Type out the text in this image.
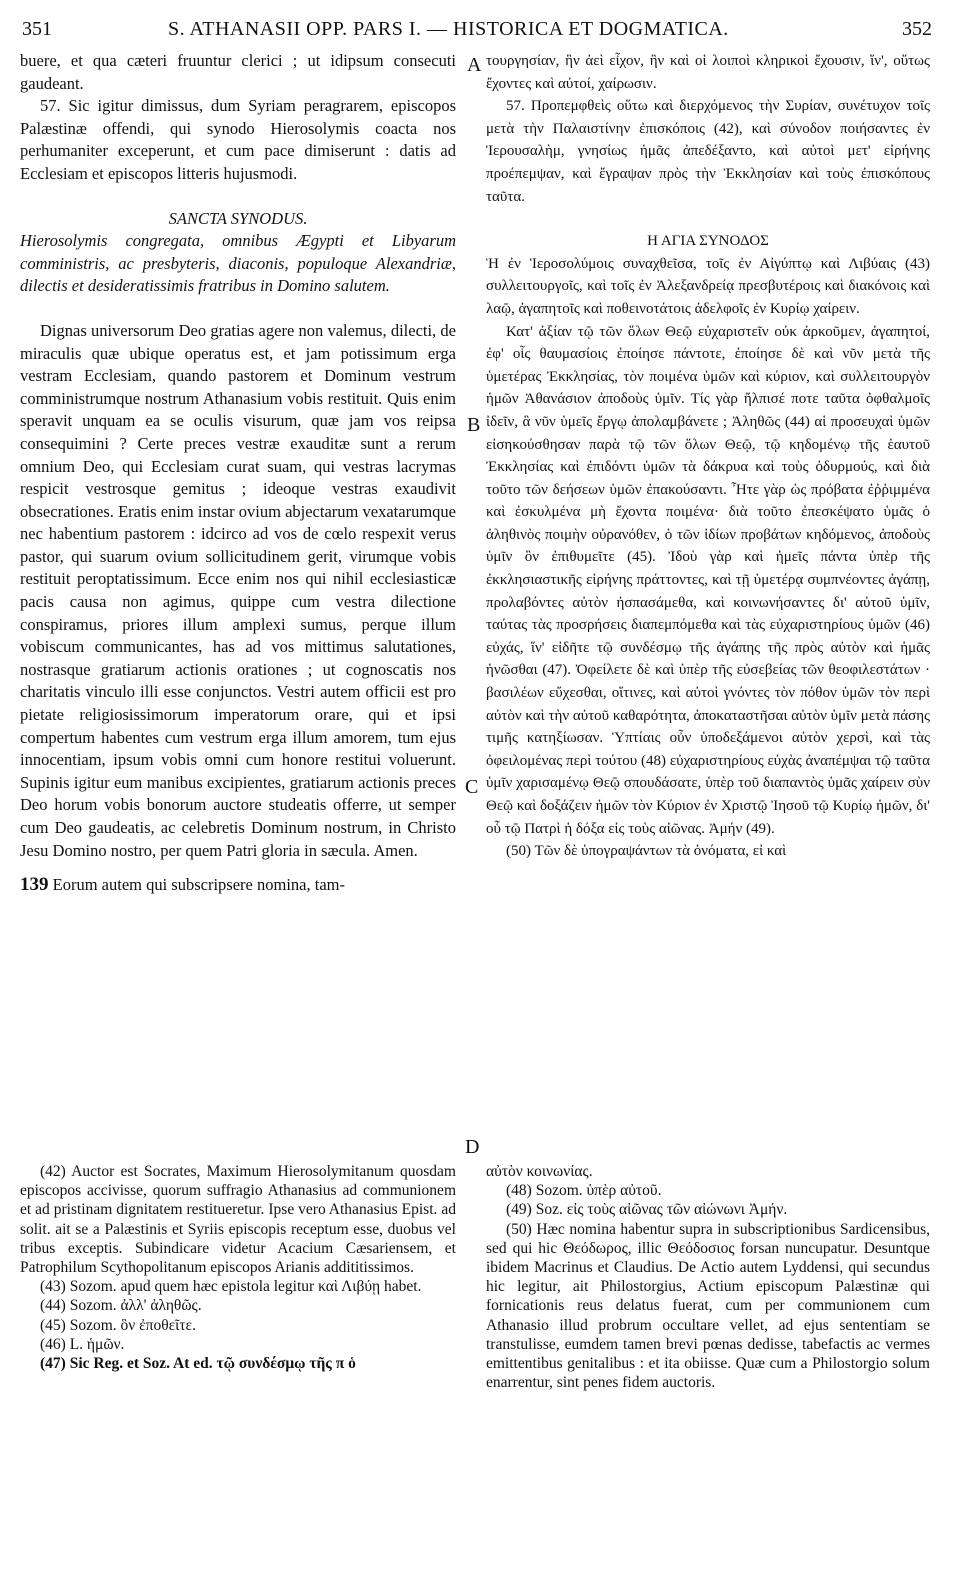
351	S. ATHANASII OPP. PARS I. — HISTORICA ET DOGMATICA.	352
A
B
C
D

buere, et qua cæteri fruuntur clerici ; ut idipsum consecuti gaudeant.

57. Sic igitur dimissus, dum Syriam peragrarem, episcopos Palæstinæ offendi, qui synodo Hierosolymis coacta nos perhumaniter exceperunt, et cum pace dimiserunt : datis ad Ecclesiam et episcopos litteris hujusmodi.

SANCTA SYNODUS.

Hierosolymis congregata, omnibus Ægypti et Libyarum comministris, ac presbyteris, diaconis, populoque Alexandriæ, dilectis et desideratissimis fratribus in Domino salutem.

Dignas universorum Deo gratias agere non valemus, dilecti, de miraculis quæ ubique operatus est, et jam potissimum erga vestram Ecclesiam, quando pastorem et Dominum vestrum comministrumque nostrum Athanasium vobis restituit. Quis enim speravit unquam ea se oculis visurum, quæ jam vos reipsa consequimini ? Certe preces vestræ exauditæ sunt a rerum omnium Deo, qui Ecclesiam curat suam, qui vestras lacrymas respicit vestrosque gemitus ; ideoque vestras exaudivit obsecrationes. Eratis enim instar ovium abjectarum vexatarumque nec habentium pastorem : idcirco ad vos de cœlo respexit verus pastor, qui suarum ovium sollicitudinem gerit, virumque vobis restituit peroptatissimum. Ecce enim nos qui nihil ecclesiasticæ pacis causa non agimus, quippe cum vestra dilectione conspiramus, priores illum amplexi sumus, perque illum vobiscum communicantes, has ad vos mittimus salutationes, nostrasque gratiarum actionis orationes ; ut cognoscatis nos charitatis vinculo illi esse conjunctos. Vestri autem officii est pro pietate religiosissimorum imperatorum orare, qui et ipsi compertum habentes cum vestrum erga illum amorem, tum ejus innocentiam, ipsum vobis omni cum honore restitui voluerunt. Supinis igitur eum manibus excipientes, gratiarum actionis preces Deo horum vobis bonorum auctore studeatis offerre, ut semper cum Deo gaudeatis, ac celebretis Dominum nostrum, in Christo Jesu Domino nostro, per quem Patri gloria in sæcula. Amen.

139 Eorum autem qui subscripsere nomina, tam-

τουργησίαν, ἣν ἀεὶ εἶχον, ἣν καὶ οἱ λοιποὶ κληρικοὶ ἔχουσιν, ἵν', οὕτως ἔχοντες καὶ αὐτοί, χαίρωσιν.

57. Προπεμφθεὶς οὕτω καὶ διερχόμενος τὴν Συρίαν, συνέτυχον τοῖς μετὰ τὴν Παλαιστίνην ἐπισκόποις (42), καὶ σύνοδον ποιήσαντες ἐν Ἱερουσαλὴμ, γνησίως ἡμᾶς ἀπεδέξαντο, καὶ αὐτοὶ μετ' εἰρήνης προέπεμψαν, καὶ ἔγραψαν πρὸς τὴν Ἐκκλησίαν καὶ τοὺς ἐπισκόπους ταῦτα.

Η ΑΓΙΑ ΣΥΝΟΔΟΣ

Ἡ ἐν Ἱεροσολύμοις συναχθεῖσα, τοῖς ἐν Αἰγύπτῳ καὶ Λιβύαις (43) συλλειτουργοῖς, καὶ τοῖς ἐν Ἀλεξανδρείᾳ πρεσβυτέροις καὶ διακόνοις καὶ λαῷ, ἀγαπητοῖς καὶ ποθεινοτάτοις ἀδελφοῖς ἐν Κυρίῳ χαίρειν.

Κατ' ἀξίαν τῷ τῶν ὅλων Θεῷ εὐχαριστεῖν οὐκ ἀρκοῦμεν, ἀγαπητοί, ἐφ' οἷς θαυμασίοις ἐποίησε πάντοτε, ἐποίησε δὲ καὶ νῦν μετὰ τῆς ὑμετέρας Ἐκκλησίας, τὸν ποιμένα ὑμῶν καὶ κύριον, καὶ συλλειτουργὸν ἡμῶν Ἀθανάσιον ἀποδοὺς ὑμῖν. Τίς γὰρ ἤλπισέ ποτε ταῦτα ὀφθαλμοῖς ἰδεῖν, ἃ νῦν ὑμεῖς ἔργῳ ἀπολαμβάνετε ; Ἀληθῶς (44) αἱ προσευχαὶ ὑμῶν εἰσηκούσθησαν παρὰ τῷ τῶν ὅλων Θεῷ, τῷ κηδομένῳ τῆς ἑαυτοῦ Ἐκκλησίας καὶ ἐπιδόντι ὑμῶν τὰ δάκρυα καὶ τοὺς ὀδυρμούς, καὶ διὰ τοῦτο τῶν δεήσεων ὑμῶν ἐπακούσαντι. Ἦτε γὰρ ὡς πρόβατα ἐῤῥιμμένα καὶ ἐσκυλμένα μὴ ἔχοντα ποιμένα· διὰ τοῦτο ἐπεσκέψατο ὑμᾶς ὁ ἀληθινὸς ποιμὴν οὐρανόθεν, ὁ τῶν ἰδίων προβάτων κηδόμενος, ἀποδοὺς ὑμῖν ὃν ἐπιθυμεῖτε (45). Ἰδοὺ γὰρ καὶ ἡμεῖς πάντα ὑπὲρ τῆς ἐκκλησιαστικῆς εἰρήνης πράττοντες, καὶ τῇ ὑμετέρᾳ συμπνέοντες ἀγάπῃ, προλαβόντες αὐτὸν ἠσπασάμεθα, καὶ κοινωνήσαντες δι' αὐτοῦ ὑμῖν, ταύτας τὰς προσρήσεις διαπεμπόμεθα καὶ τὰς εὐχαριστηρίους ὑμῶν (46) εὐχάς, ἵν' εἰδῆτε τῷ συνδέσμῳ τῆς ἀγάπης τῆς πρὸς αὐτὸν καὶ ἡμᾶς ἡνῶσθαι (47). Ὀφείλετε δὲ καὶ ὑπὲρ τῆς εὐσεβείας τῶν θεοφιλεστάτων · βασιλέων εὔχεσθαι, οἵτινες, καὶ αὐτοὶ γνόντες τὸν πόθον ὑμῶν τὸν περὶ αὐτὸν καὶ τὴν αὐτοῦ καθαρότητα, ἀποκαταστῆσαι αὐτὸν ὑμῖν μετὰ πάσης τιμῆς κατηξίωσαν. Ὑπτίαις οὖν ὑποδεξάμενοι αὐτὸν χερσὶ, καὶ τὰς ὀφειλομένας περὶ τούτου (48) εὐχαριστηρίους εὐχὰς ἀναπέμψαι τῷ ταῦτα ὑμῖν χαρισαμένῳ Θεῷ σπουδάσατε, ὑπὲρ τοῦ διαπαντὸς ὑμᾶς χαίρειν σὺν Θεῷ καὶ δοξάζειν ἡμῶν τὸν Κύριον ἐν Χριστῷ Ἰησοῦ τῷ Κυρίῳ ἡμῶν, δι' οὗ τῷ Πατρὶ ἡ δόξα εἰς τοὺς αἰῶνας. Ἀμήν (49).

(50) Τῶν δὲ ὑπογραψάντων τὰ ὀνόματα, εἰ καὶ

(42) Auctor est Socrates, Maximum Hierosolymitanum quosdam episcopos accivisse, quorum suffragio Athanasius ad communionem et ad pristinam dignitatem restitueretur. Ipse vero Athanasius Epist. ad solit. ait se a Palæstinis et Syriis episcopis receptum esse, duobus vel tribus exceptis. Subindicare videtur Acacium Cæsariensem, et Patrophilum Scythopolitanum episcopos Arianis addititissimos.

(43) Sozom. apud quem hæc epistola legitur καὶ Λιβύῃ habet.

(44) Sozom. ἀλλ' ἀληθῶς.

(45) Sozom. ὃν ἐποθεῖτε.

(46) L. ἡμῶν.

(47) Sic Reg. et Soz. At ed. τῷ συνδέσμῳ τῆς π ὁ

αὐτὸν κοινωνίας.

(48) Sozom. ὑπὲρ αὐτοῦ.

(49) Soz. εἰς τοὺς αἰῶνας τῶν αἰώνωνι Ἀμήν.

(50) Hæc nomina habentur supra in subscriptionibus Sardicensibus, sed qui hic Θεόδωρος, illic Θεόδοσιος forsan nuncupatur. Desuntque ibidem Macrinus et Claudius. De Actio autem Lyddensi, qui secundus hic legitur, ait Philostorgius, Actium episcopum Palæstinæ qui fornicationis reus delatus fuerat, cum per communionem cum Athanasio illud probrum occultare vellet, ad ejus sententiam se transtulisse, eumdem tamen brevi pœnas dedisse, tabefactis ac vermes emittentibus genitalibus : et ita obiisse. Quæ cum a Philostorgio solum enarrentur, sint penes fidem auctoris.
